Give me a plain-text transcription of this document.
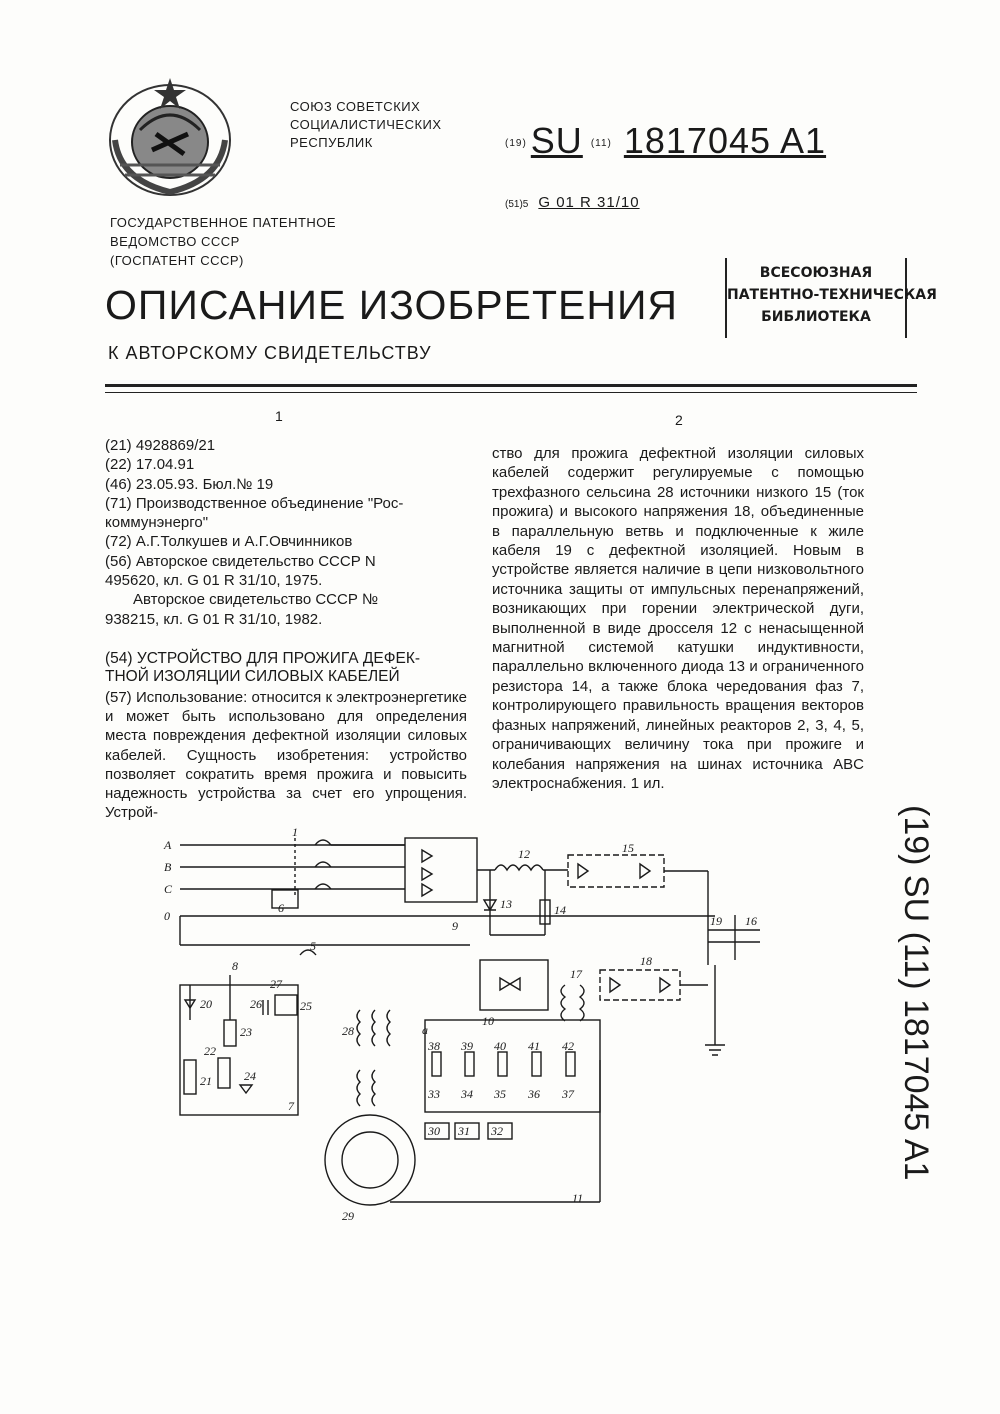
СОЮЗ СОВЕТСКИХ
СОЦИАЛИСТИЧЕСКИХ
РЕСПУБЛИК	(19) SU (11) 1817045 A1
(51)5 G 01 R 31/10
ГОСУДАРСТВЕННОЕ ПАТЕНТНОЕ
ВЕДОМСТВО СССР
(ГОСПАТЕНТ СССР)
ВСЕСОЮЗНАЯ
ПАТЕНТНО-ТЕХНИЧЕСКАЯ
БИБЛИОТЕКА
ОПИСАНИЕ ИЗОБРЕТЕНИЯ
К АВТОРСКОМУ СВИДЕТЕЛЬСТВУ
1	2
(21) 4928869/21
(22) 17.04.91
(46) 23.05.93. Бюл.№ 19
(71) Производственное объединение "Рос-
коммунэнерго"
(72) А.Г.Толкушев и А.Г.Овчинников
(56) Авторское свидетельство СССР N
495620, кл. G 01 R 31/10, 1975.
Авторское свидетельство СССР №
938215, кл. G 01 R 31/10, 1982.
(54) УСТРОЙСТВО ДЛЯ ПРОЖИГА ДЕФЕК-
ТНОЙ ИЗОЛЯЦИИ СИЛОВЫХ КАБЕЛЕЙ
(57) Использование: относится к электроэнергетике и может быть использовано для определения места повреждения дефектной изоляции силовых кабелей. Сущность изобретения: устройство позволяет сократить время прожига и повысить надежность устройства за счет его упрощения. Устрой-
ство для прожига дефектной изоляции силовых кабелей содержит регулируемые с помощью трехфазного сельсина 28 источники низкого 15 (ток прожига) и высокого напряжения 18, объединенные в параллельную ветвь и подключенные к жиле кабеля 19 с дефектной изоляцией. Новым в устройстве является наличие в цепи низковольтного источника защиты от импульсных перенапряжений, возникающих при горении электрической дуги, выполненной в виде дросселя 12 с ненасыщенной магнитной системой катушки индуктивности, параллельно включенного диода 13 и ограниченного резистора 14, а также блока чередования фаз 7, контролирующего правильность вращения векторов фазных напряжений, линейных реакторов 2, 3, 4, 5, ограничивающих величину тока при прожиге и колебания напряжения на шинах источника ABC электроснабжения. 1 ил.
(19) SU (11) 1817045 A1
A
B
C
0
1
5
6
7
8
9
10
11
12
13	14
15
16
17
18
19
20
21
22
23
24
25
26
27
28
29
30 31 32
33 34 35 36 37
38 39 40 41 42
a
